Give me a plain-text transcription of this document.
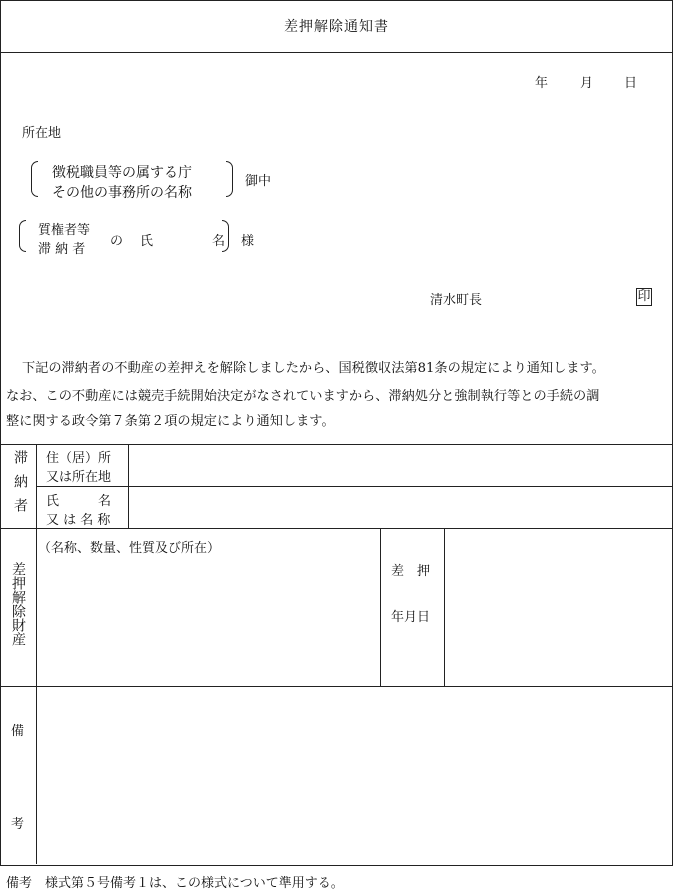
差押解除通知書
年 月 日
所在地
徴税職員等の属する庁
その他の事務所の名称
御中
質権者等
滞 納 者
の 氏	名 様
清水町長	印
下記の滞納者の不動産の差押えを解除しましたから、国税徴収法第81条の規定により通知します。
なお、この不動産には競売手続開始決定がなされていますから、滞納処分と強制執行等との手続の調
整に関する政令第７条第２項の規定により通知します。
滞納者 住（居）所
又は所在地
氏　　　名
又 は 名 称
差押解除財産
（名称、数量、性質及び所在）
差　押
年月日
備
考
備考　様式第５号備考１は、この様式について準用する。
